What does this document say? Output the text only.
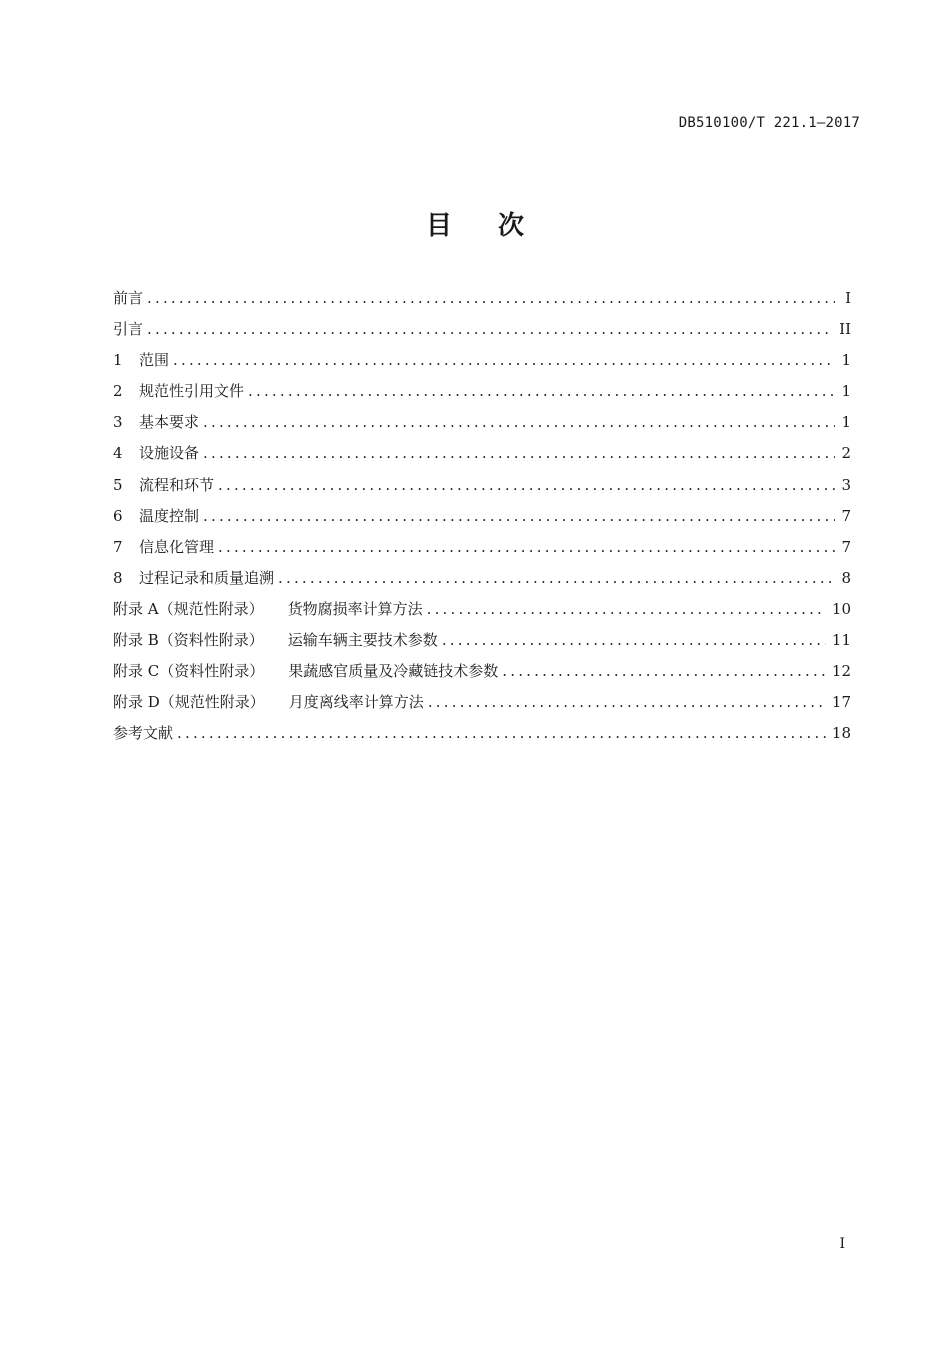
DB510100/T 221.1—2017
目 次
前言 .....	I
引言 .....	II
1	范围 .....	1
2	规范性引用文件 .....	1
3	基本要求 .....	1
4	设施设备 .....	2
5	流程和环节 .....	3
6	温度控制 .....	7
7	信息化管理 .....	7
8	过程记录和质量追溯 .....	8
附录 A（规范性附录） 货物腐损率计算方法 .....	10
附录 B（资料性附录） 运输车辆主要技术参数 .....	11
附录 C（资料性附录） 果蔬感官质量及冷藏链技术参数 .....	12
附录 D（规范性附录） 月度离线率计算方法 .....	17
参考文献 .....	18
I
